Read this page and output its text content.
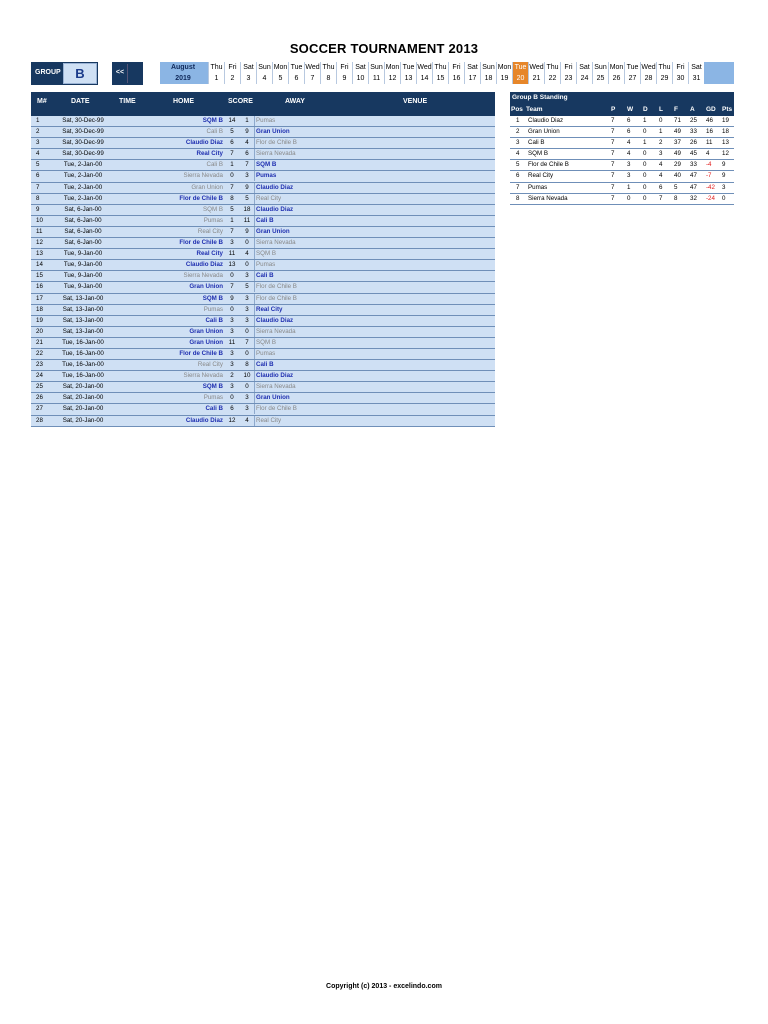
SOCCER TOURNAMENT 2013
GROUP	B	<<
August
2019
Thu
1
Fri
2
Sat
3
Sun
4
Mon
5
Tue
6
Wed
7
Thu
8
Fri
9
Sat
10
Sun
11
Mon
12
Tue
13
Wed
14
Thu
15
Fri
16
Sat
17
Sun
18
Mon
19
Tue
20
Wed
21
Thu
22
Fri
23
Sat
24
Sun
25
Mon
26
Tue
27
Wed
28
Thu
29
Fri
30
Sat
31
M#	DATE	TIME	HOME	SCORE	AWAY	VENUE
1	Sat, 30-Dec-99	SQM B 14	1	Pumas
2	Sat, 30-Dec-99	Cali B	5	9	Gran Union
3	Sat, 30-Dec-99	Claudio Diaz	6	4	Flor de Chile B
4	Sat, 30-Dec-99	Real City	7	6	Sierra Nevada
5	Tue, 2-Jan-00	Cali B	1	7	SQM B
6	Tue, 2-Jan-00	Sierra Nevada	0	3	Pumas
7	Tue, 2-Jan-00	Gran Union	7	9	Claudio Diaz
8	Tue, 2-Jan-00	Flor de Chile B	8	5	Real City
9	Sat, 6-Jan-00	SQM B	5	18 Claudio Diaz
10	Sat, 6-Jan-00	Pumas	1	11 Cali B
11	Sat, 6-Jan-00	Real City	7	9	Gran Union
12	Sat, 6-Jan-00	Flor de Chile B	3	0	Sierra Nevada
13	Tue, 9-Jan-00	Real City 11	4	SQM B
14	Tue, 9-Jan-00	Claudio Diaz 13	0	Pumas
15	Tue, 9-Jan-00	Sierra Nevada	0	3	Cali B
16	Tue, 9-Jan-00	Gran Union	7	5	Flor de Chile B
17	Sat, 13-Jan-00	SQM B	9	3	Flor de Chile B
18	Sat, 13-Jan-00	Pumas	0	3	Real City
19	Sat, 13-Jan-00	Cali B	3	3	Claudio Diaz
20	Sat, 13-Jan-00	Gran Union	3	0	Sierra Nevada
21	Tue, 16-Jan-00	Gran Union 11	7	SQM B
22	Tue, 16-Jan-00	Flor de Chile B	3	0	Pumas
23	Tue, 16-Jan-00	Real City	3	8	Cali B
24	Tue, 16-Jan-00	Sierra Nevada	2	10 Claudio Diaz
25	Sat, 20-Jan-00	SQM B	3	0	Sierra Nevada
26	Sat, 20-Jan-00	Pumas	0	3	Gran Union
27	Sat, 20-Jan-00	Cali B	6	3	Flor de Chile B
28	Sat, 20-Jan-00	Claudio Diaz 12	4	Real City
Group B Standing
Pos Team	P W D L F A GD Pts
1 Claudio Diaz	7 6 1 0 71 25 46 19
2 Gran Union	7 6 0 1 49 33 16 18
3 Cali B	7 4 1 2 37 26 11 13
4 SQM B	7 4 0 3 49 45 4 12
5 Flor de Chile B	7 3 0 4 29 33 -4 9
6 Real City	7 3 0 4 40 47 -7 9
7 Pumas	7 1 0 6 5 47 -42 3
8 Sierra Nevada	7 0 0 7 8 32 -24 0
Copyright (c) 2013 - excelindo.com
